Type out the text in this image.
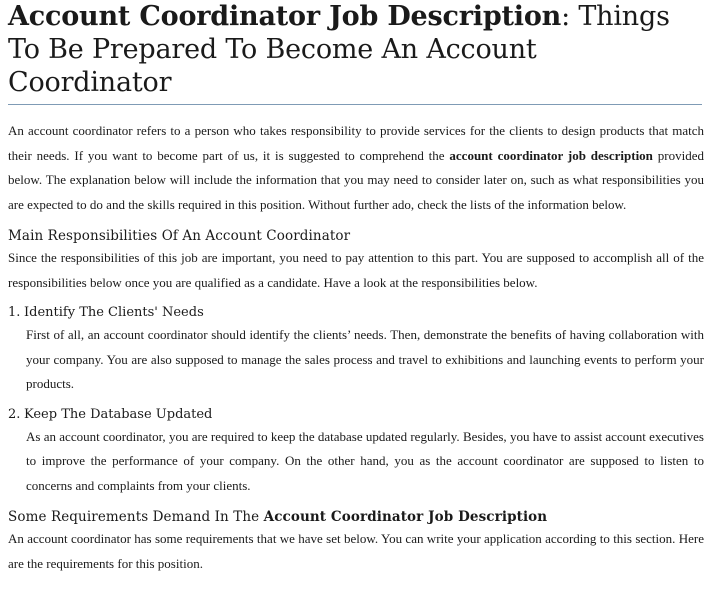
Account Coordinator Job Description: Things To Be Prepared To Become An Account Coordinator

An account coordinator refers to a person who takes responsibility to provide services for the clients to design products that match their needs. If you want to become part of us, it is suggested to comprehend the account coordinator job description provided below. The explanation below will include the information that you may need to consider later on, such as what responsibilities you are expected to do and the skills required in this position. Without further ado, check the lists of the information below.

Main Responsibilities Of An Account Coordinator

Since the responsibilities of this job are important, you need to pay attention to this part. You are supposed to accomplish all of the responsibilities below once you are qualified as a candidate. Have a look at the responsibilities below.

1. Identify The Clients' Needs

First of all, an account coordinator should identify the clients’ needs. Then, demonstrate the benefits of having collaboration with your company. You are also supposed to manage the sales process and travel to exhibitions and launching events to perform your products.

2. Keep The Database Updated

As an account coordinator, you are required to keep the database updated regularly. Besides, you have to assist account executives to improve the performance of your company. On the other hand, you as the account coordinator are supposed to listen to concerns and complaints from your clients.

Some Requirements Demand In The Account Coordinator Job Description

An account coordinator has some requirements that we have set below. You can write your application according to this section. Here are the requirements for this position.
